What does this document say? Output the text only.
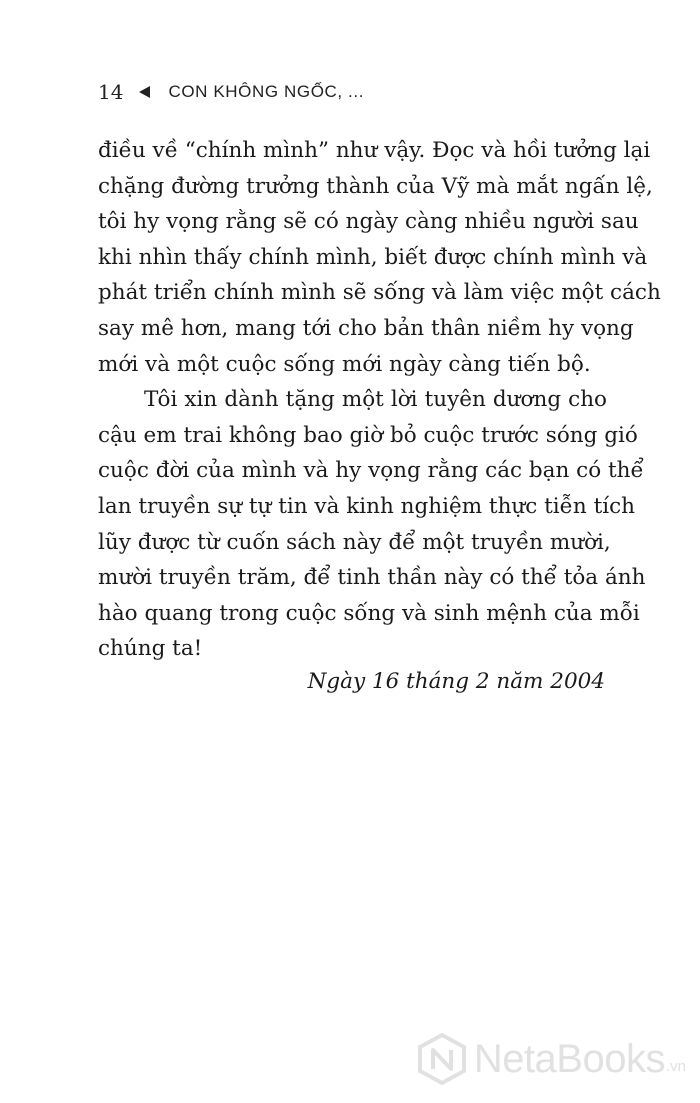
14	CON KHÔNG NGỐC, ...
điều về “chính mình” như vậy. Đọc và hồi tưởng lại
chặng đường trưởng thành của Vỹ mà mắt ngấn lệ,
tôi hy vọng rằng sẽ có ngày càng nhiều người sau
khi nhìn thấy chính mình, biết được chính mình và
phát triển chính mình sẽ sống và làm việc một cách
say mê hơn, mang tới cho bản thân niềm hy vọng
mới và một cuộc sống mới ngày càng tiến bộ.
Tôi xin dành tặng một lời tuyên dương cho
cậu em trai không bao giờ bỏ cuộc trước sóng gió
cuộc đời của mình và hy vọng rằng các bạn có thể
lan truyền sự tự tin và kinh nghiệm thực tiễn tích
lũy được từ cuốn sách này để một truyền mười,
mười truyền trăm, để tinh thần này có thể tỏa ánh
hào quang trong cuộc sống và sinh mệnh của mỗi
chúng ta!
Ngày 16 tháng 2 năm 2004
NetaBooks .vn
